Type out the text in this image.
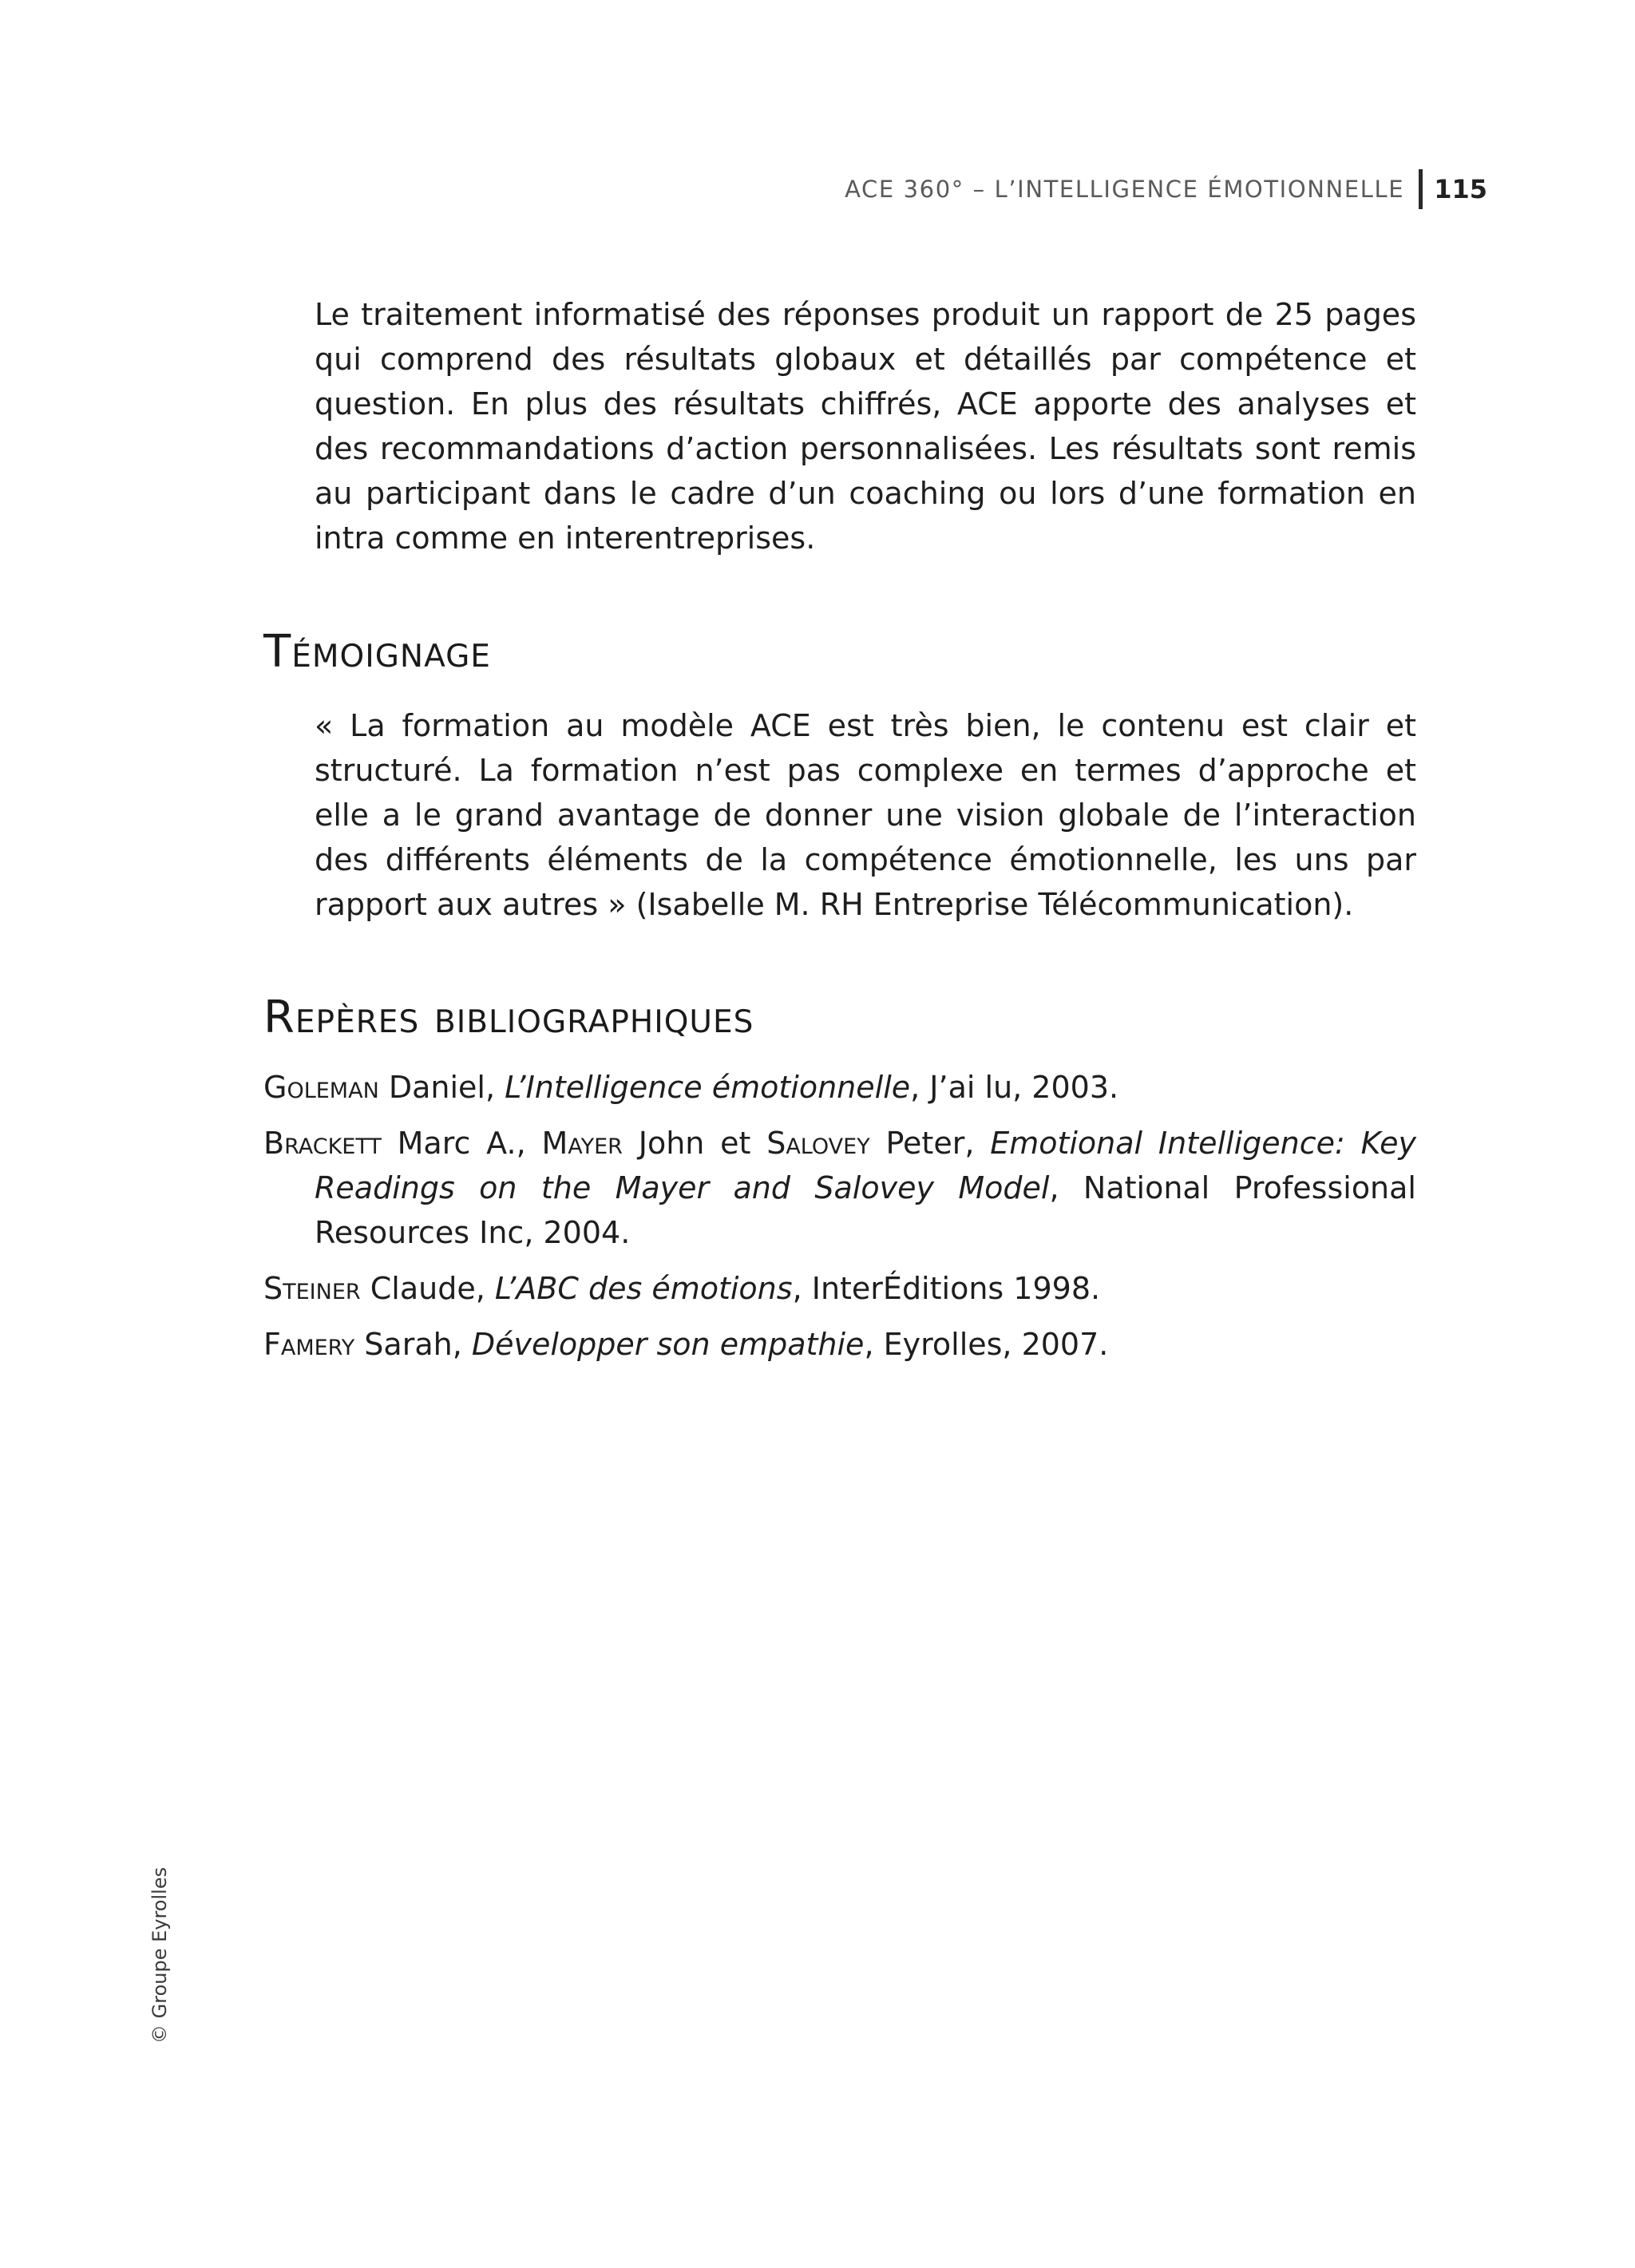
ACE 360° – L’INTELLIGENCE ÉMOTIONNELLE 115

Le traitement informatisé des réponses produit un rapport de 25 pages qui comprend des résultats globaux et détaillés par compétence et question. En plus des résultats chiffrés, ACE apporte des analyses et des recommandations d’action personnalisées. Les résultats sont remis au participant dans le cadre d’un coaching ou lors d’une formation en intra comme en interentreprises.

Témoignage

« La formation au modèle ACE est très bien, le contenu est clair et structuré. La formation n’est pas complexe en termes d’approche et elle a le grand avantage de donner une vision globale de l’interaction des différents éléments de la compétence émotionnelle, les uns par rapport aux autres » (Isabelle M. RH Entreprise Télécommunication).

Repères bibliographiques
Goleman Daniel, L’Intelligence émotionnelle, J’ai lu, 2003.
Brackett Marc A., Mayer John et Salovey Peter, Emotional Intelligence: Key Readings on the Mayer and Salovey Model, National Professional Resources Inc, 2004.
Steiner Claude, L’ABC des émotions, InterÉditions 1998.
Famery Sarah, Développer son empathie, Eyrolles, 2007.
© Groupe Eyrolles
